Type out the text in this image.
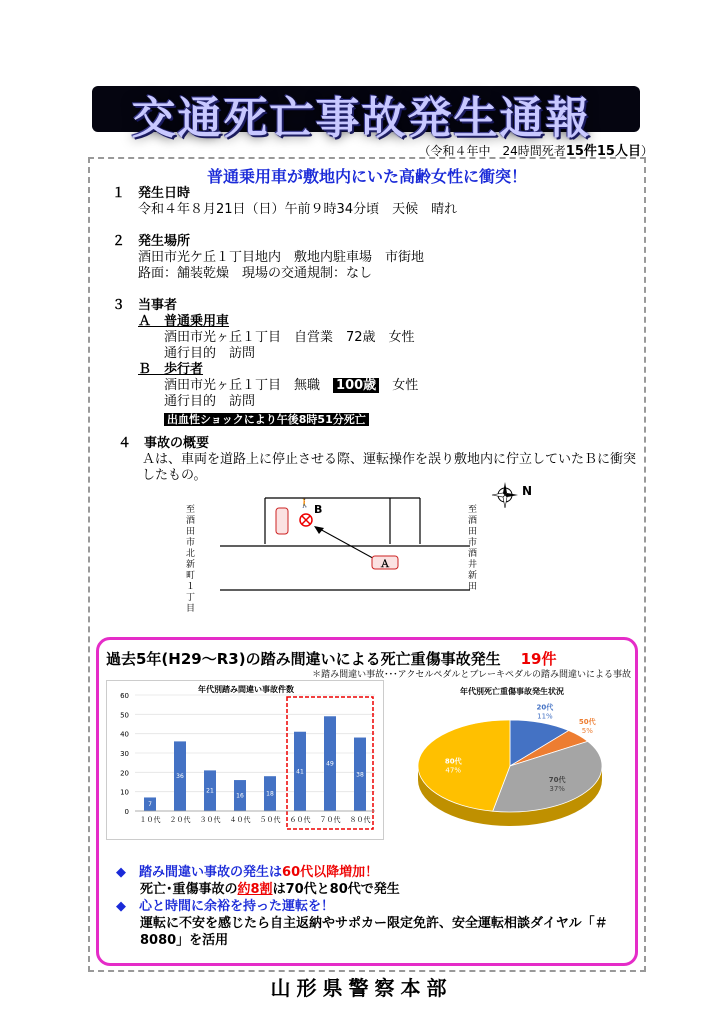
交通死亡事故発生通報
（令和４年中　24時間死者15件15人目）
普通乗用車が敷地内にいた高齢女性に衝突！
１　発生日時
令和４年８月21日（日）午前９時34分頃　天候　晴れ
２　発生場所
酒田市光ケ丘１丁目地内　敷地内駐車場　市街地
路面：舗装乾燥　現場の交通規制：なし
３　当事者
Ａ　普通乗用車
酒田市光ヶ丘１丁目　自営業　72歳　女性
通行目的　訪問
Ｂ　歩行者
酒田市光ヶ丘１丁目　無職　 100歳　 女性
通行目的　訪問
出血性ショックにより午後8時51分死亡
４　事故の概要
Ａは、車両を道路上に停止させる際、運転操作を誤り敷地内に佇立していたＢに衝突したもの。
🚶 B
Ａ
至酒田市北新町１丁目
至酒田市酒井新田
N
過去5年(H29～R3)の踏み間違いによる死亡重傷事故発生 19件
＊踏み間違い事故･･･アクセルペダルとブレーキペダルの踏み間違いによる事故
年代別踏み間違い事故件数
0
10
20
30
40
50
60
7
１０代
36
２０代
21
３０代
16
４０代
18
５０代
41
６０代
49
７０代
38
８０代
年代別死亡重傷事故発生状況
20代
11%
50代
5%
70代
37%
80代
47%
◆　 踏み間違い事故の発生は60代以降増加！
死亡･重傷事故の約8割は70代と80代で発生
◆　 心と時間に余裕を持った運転を！
運転に不安を感じたら自主返納やサポカー限定免許、安全運転相談ダイヤル「＃8080」を活用
山形県警察本部
